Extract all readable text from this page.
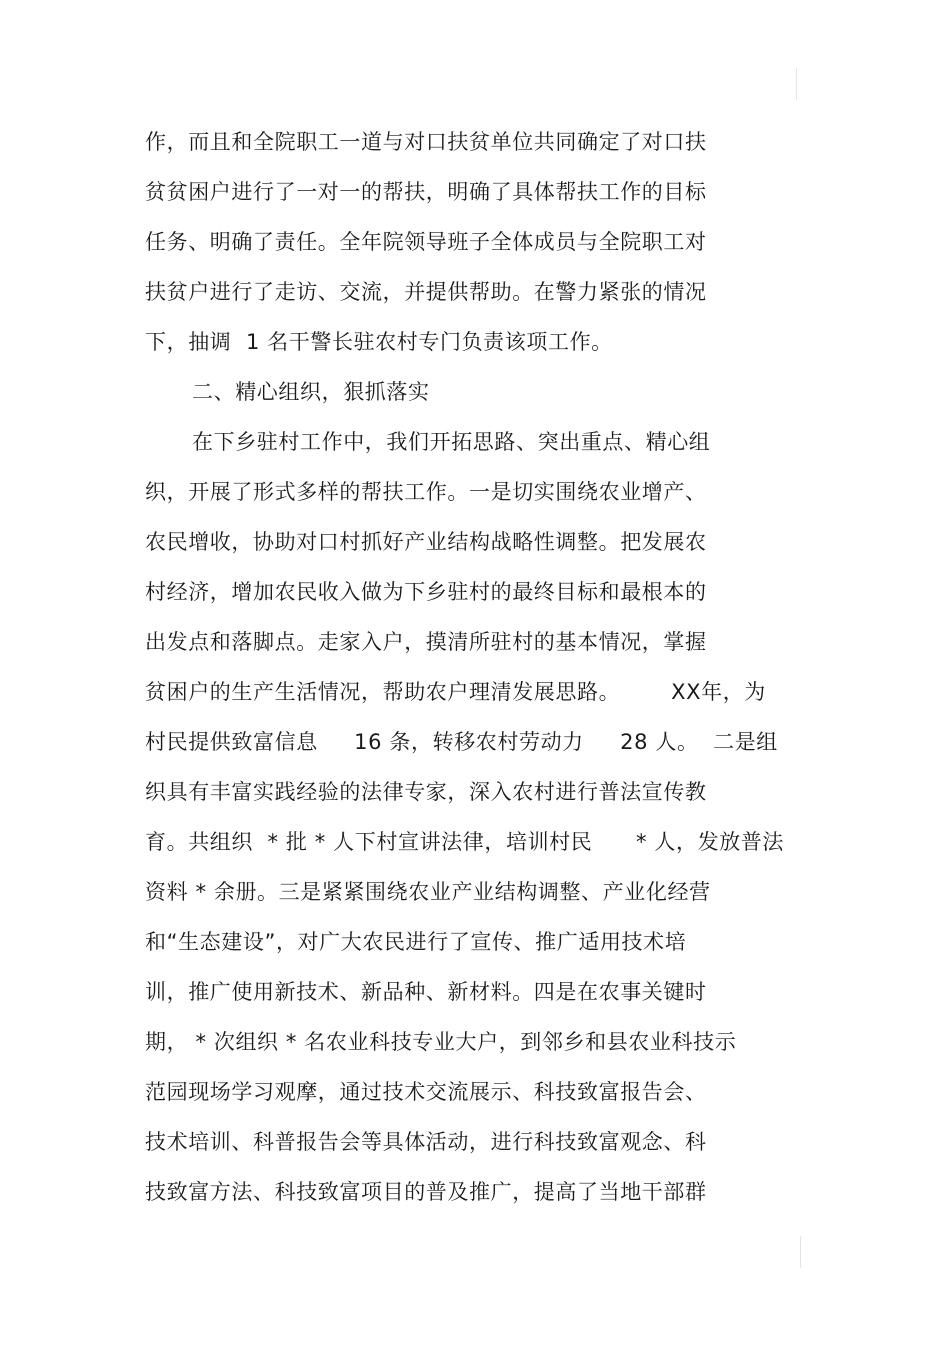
作，而且和全院职工一道与对口扶贫单位共同确定了对口扶
贫贫困户进行了一对一的帮扶，明确了具体帮扶工作的目标
任务、明确了责任。全年院领导班子全体成员与全院职工对
扶贫户进行了走访、交流，并提供帮助。在警力紧张的情况
下，抽调  1 名干警长驻农村专门负责该项工作。
二、精心组织，狠抓落实
在下乡驻村工作中，我们开拓思路、突出重点、精心组
织，开展了形式多样的帮扶工作。一是切实围绕农业增产、
农民增收，协助对口村抓好产业结构战略性调整。把发展农
村经济，增加农民收入做为下乡驻村的最终目标和最根本的
出发点和落脚点。走家入户，摸清所驻村的基本情况，掌握
贫困户的生产生活情况，帮助农户理清发展思路。       XX年，为
村民提供致富信息     16 条，转移农村劳动力     28 人。  二是组
织具有丰富实践经验的法律专家，深入农村进行普法宣传教
育。共组织  * 批 * 人下村宣讲法律，培训村民      * 人，发放普法
资料 * 余册。三是紧紧围绕农业产业结构调整、产业化经营
和“生态建设”，对广大农民进行了宣传、推广适用技术培
训，推广使用新技术、新品种、新材料。四是在农事关键时
期， * 次组织 * 名农业科技专业大户，到邻乡和县农业科技示
范园现场学习观摩，通过技术交流展示、科技致富报告会、
技术培训、科普报告会等具体活动，进行科技致富观念、科
技致富方法、科技致富项目的普及推广，提高了当地干部群
